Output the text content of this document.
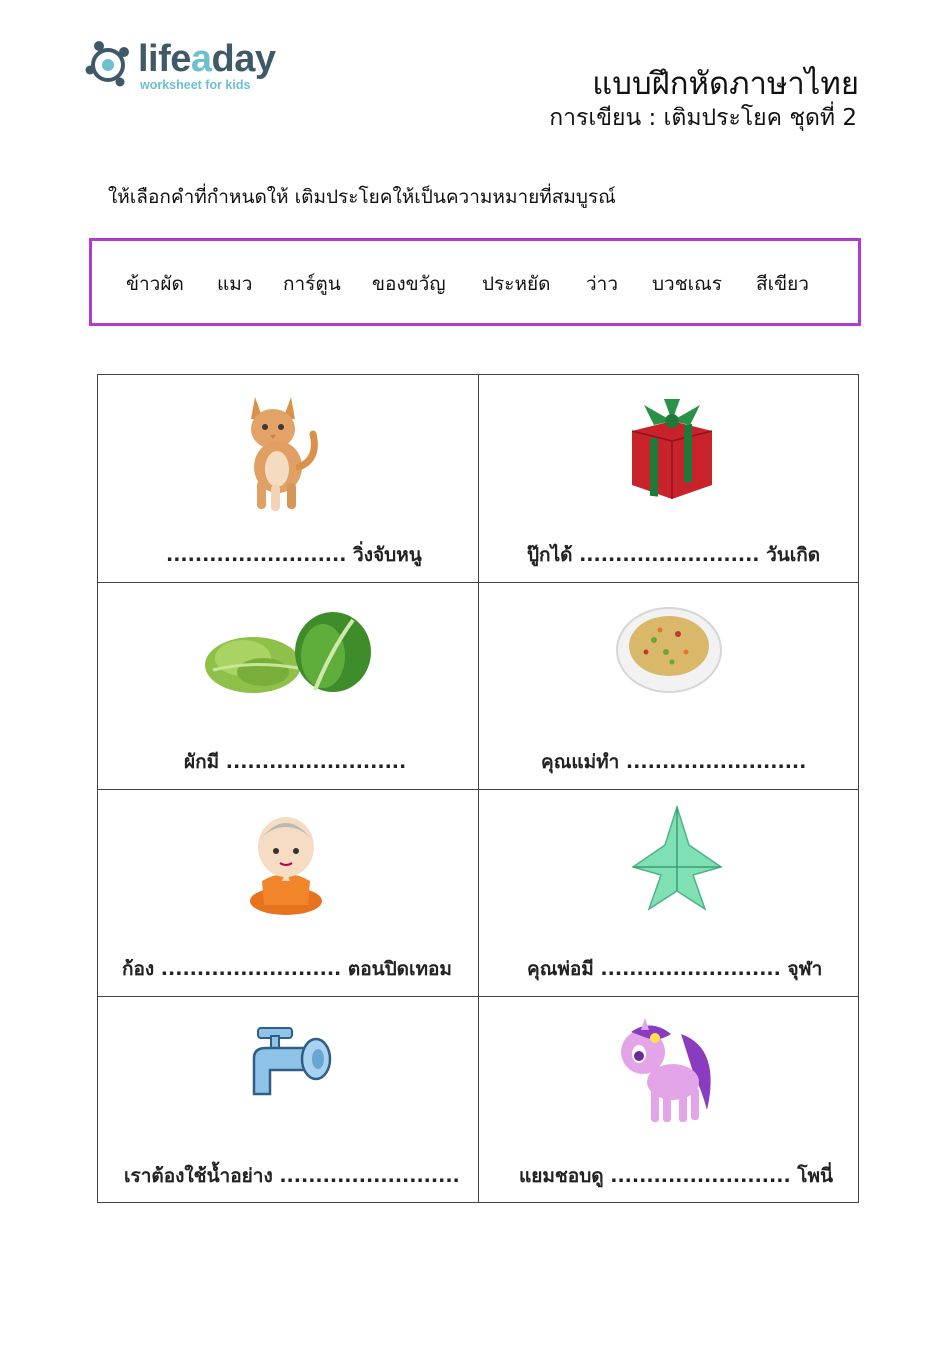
lifeaday
worksheet for kids	แบบฝึกหัดภาษาไทย
การเขียน : เติมประโยค ชุดที่ 2
ให้เลือกคำที่กำหนดให้ เติมประโยคให้เป็นความหมายที่สมบูรณ์
ข้าวผัด แมว การ์ตูน ของขวัญ ประหยัด ว่าว บวชเณร สีเขียว
......................... วิ่งจับหนู	ปู๊กได้ ......................... วันเกิด
ผักมี .........................	คุณแม่ทำ .........................
ก้อง ......................... ตอนปิดเทอม	คุณพ่อมี ......................... จุฬา
เราต้องใช้น้ำอย่าง .........................	แยมชอบดู ......................... โพนี่
